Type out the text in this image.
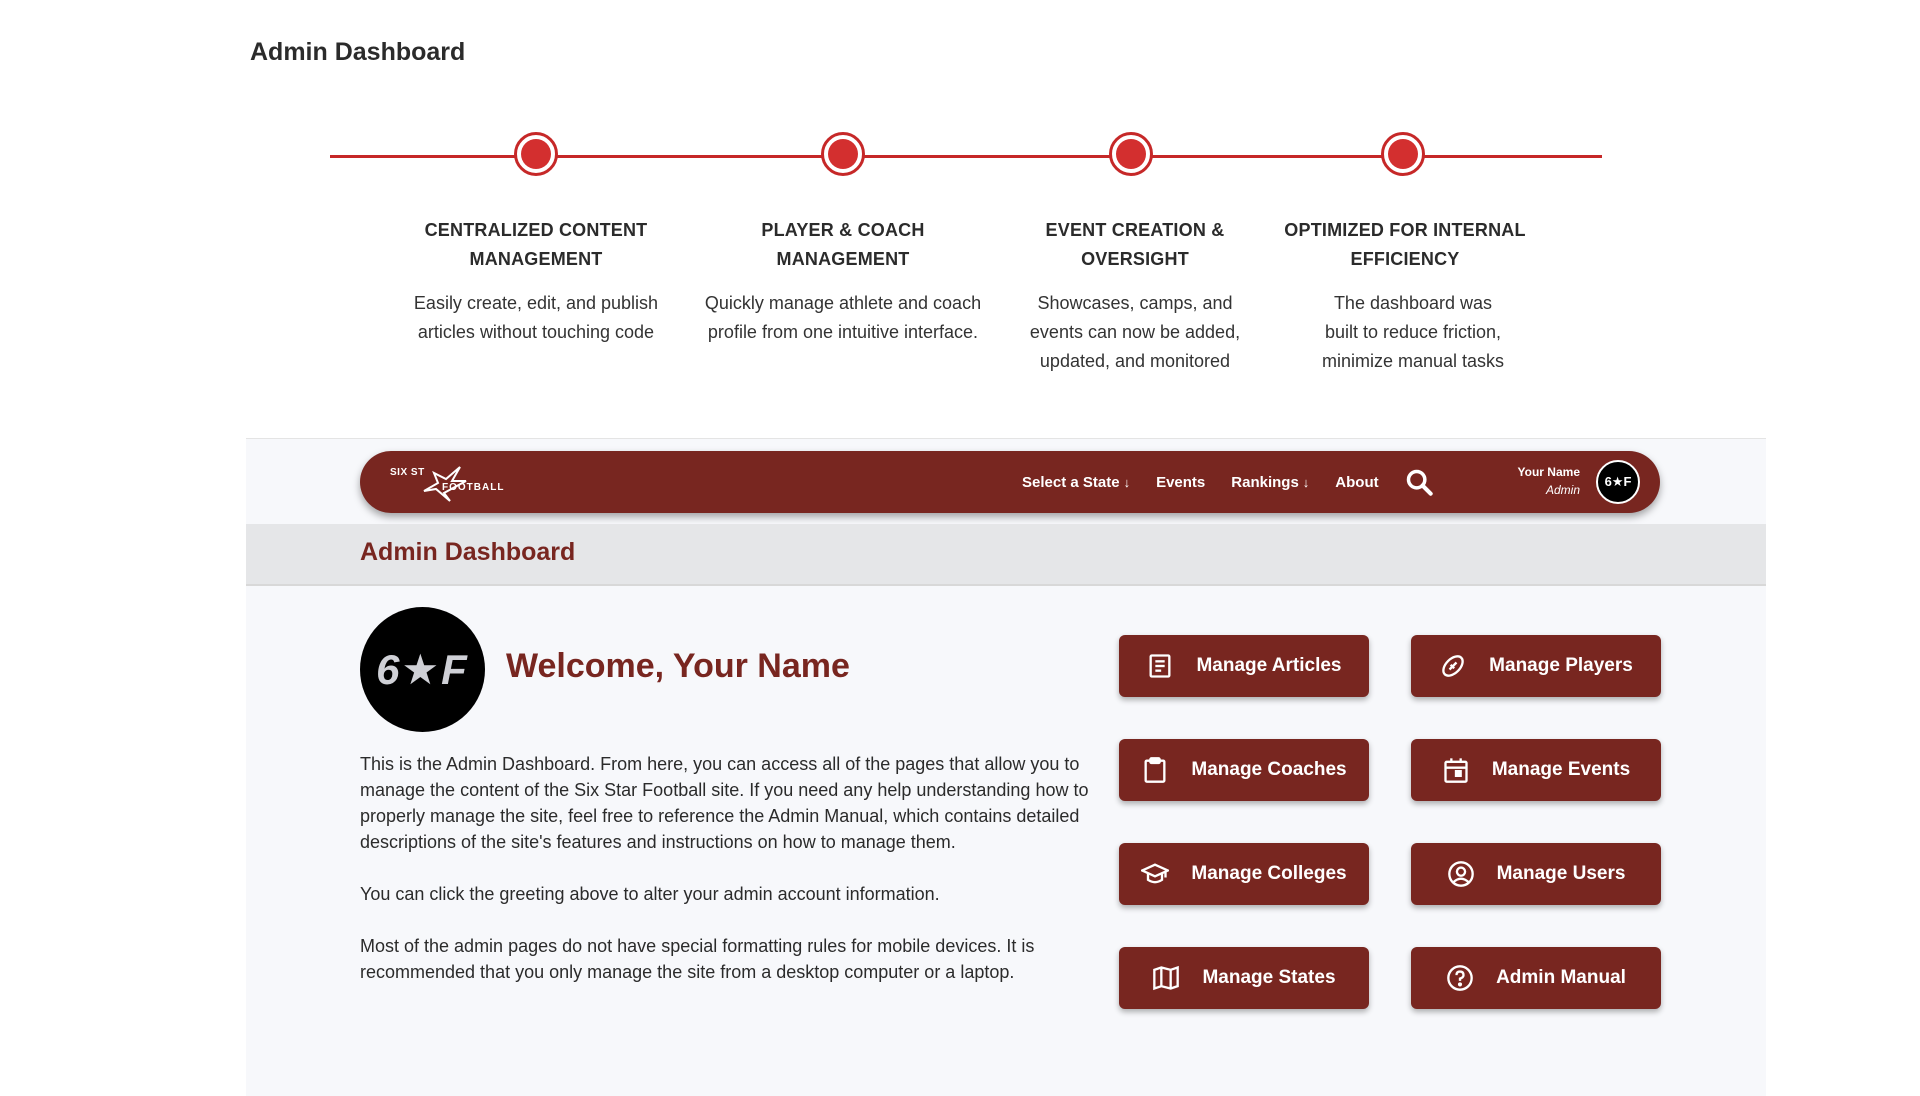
Admin Dashboard
CENTRALIZED CONTENT MANAGEMENT
Easily create, edit, and publish articles without touching code
PLAYER & COACH MANAGEMENT
Quickly manage athlete and coach profile from one intuitive interface.
EVENT CREATION & OVERSIGHT
Showcases, camps, and events can now be added, updated, and monitored
OPTIMIZED FOR INTERNAL EFFICIENCY
The dashboard was built to reduce friction, minimize manual tasks
SIX ST
FOOTBALL	Select a State ↓ Events Rankings ↓ About
Your Name
Admin
6★F
Admin Dashboard
6★F	Welcome, Your Name

This is the Admin Dashboard. From here, you can access all of the pages that allow you to manage the content of the Six Star Football site. If you need any help understanding how to properly manage the site, feel free to reference the Admin Manual, which contains detailed descriptions of the site's features and instructions on how to manage them.

You can click the greeting above to alter your admin account information.

Most of the admin pages do not have special formatting rules for mobile devices. It is recommended that you only manage the site from a desktop computer or a laptop.

Manage Articles	Manage Players
Manage Coaches	Manage Events
Manage Colleges	Manage Users
Manage States	Admin Manual
